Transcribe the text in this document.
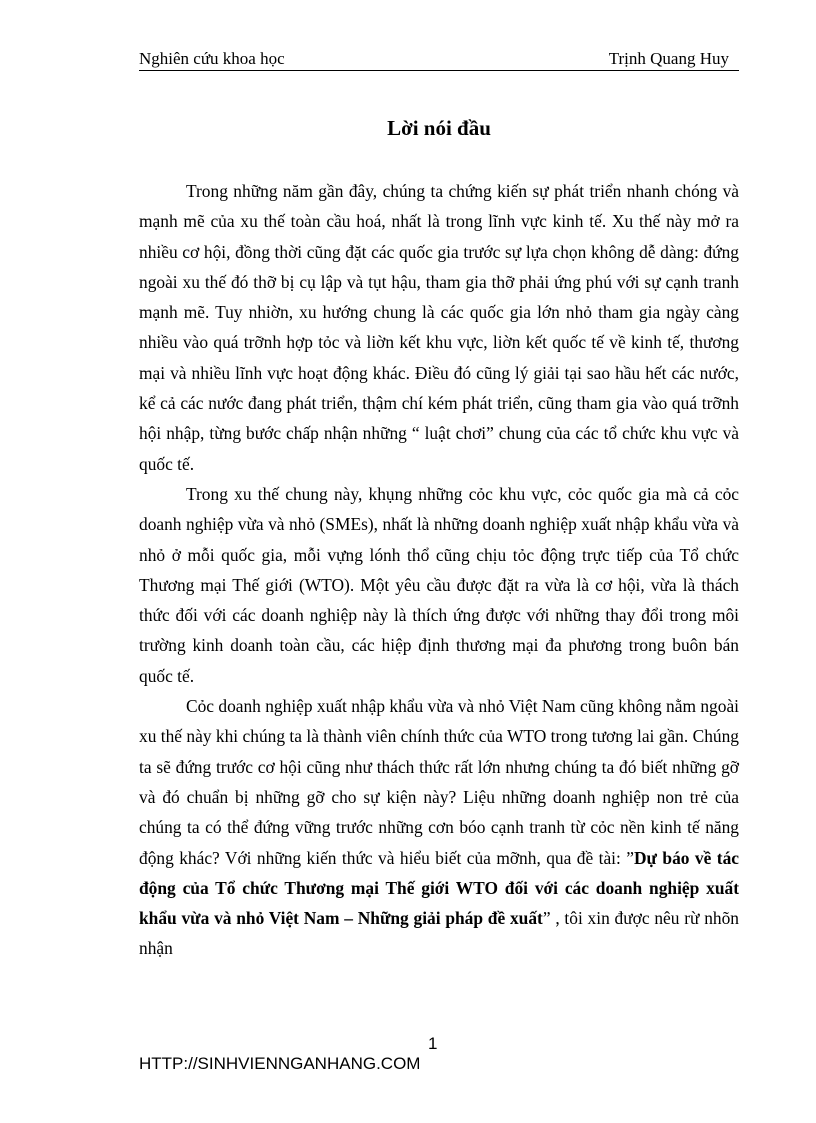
Nghiên cứu khoa học	Trịnh Quang Huy
Lời nói đầu

Trong những năm gần đây, chúng ta chứng kiến sự phát triển nhanh chóng và mạnh mẽ của xu thế toàn cầu hoá, nhất là trong lĩnh vực kinh tế. Xu thế này mở ra nhiều cơ hội, đồng thời cũng đặt các quốc gia trước sự lựa chọn không dễ dàng: đứng ngoài xu thế đó thỡ bị cụ lập và tụt hậu, tham gia thỡ phải ứng phú với sự cạnh tranh mạnh mẽ. Tuy nhiờn, xu hướng chung là các quốc gia lớn nhỏ tham gia ngày càng nhiều vào quá trỡnh hợp tỏc và liờn kết khu vực, liờn kết quốc tế về kinh tế, thương mại và nhiều lĩnh vực hoạt động khác. Điều đó cũng lý giải tại sao hầu hết các nước, kể cả các nước đang phát triển, thậm chí kém phát triển, cũng tham gia vào quá trỡnh hội nhập, từng bước chấp nhận những “ luật chơi” chung của các tổ chức khu vực và quốc tế.

Trong xu thế chung này, khụng những cỏc khu vực, cỏc quốc gia mà cả cỏc doanh nghiệp vừa và nhỏ (SMEs), nhất là những doanh nghiệp xuất nhập khẩu vừa và nhỏ ở mỗi quốc gia, mỗi vựng lónh thổ cũng chịu tỏc động trực tiếp của Tổ chức Thương mại Thế giới (WTO). Một yêu cầu được đặt ra vừa là cơ hội, vừa là thách thức đối với các doanh nghiệp này là thích ứng được với những thay đổi trong môi trường kinh doanh toàn cầu, các hiệp định thương mại đa phương trong buôn bán quốc tế.

Cỏc doanh nghiệp xuất nhập khẩu vừa và nhỏ Việt Nam cũng không nằm ngoài xu thế này khi chúng ta là thành viên chính thức của WTO trong tương lai gần. Chúng ta sẽ đứng trước cơ hội cũng như thách thức rất lớn nhưng chúng ta đó biết những gỡ và đó chuẩn bị những gỡ cho sự kiện này? Liệu những doanh nghiệp non trẻ của chúng ta có thể đứng vững trước những cơn bóo cạnh tranh từ cỏc nền kinh tế năng động khác? Với những kiến thức và hiểu biết của mỡnh, qua đề tài: ”Dự báo về tác động của Tổ chức Thương mại Thế giới WTO đối với các doanh nghiệp xuất khẩu vừa và nhỏ Việt Nam – Những giải pháp đề xuất” , tôi xin được nêu rừ nhõn nhận

1
HTTP://SINHVIENNGANHANG.COM
